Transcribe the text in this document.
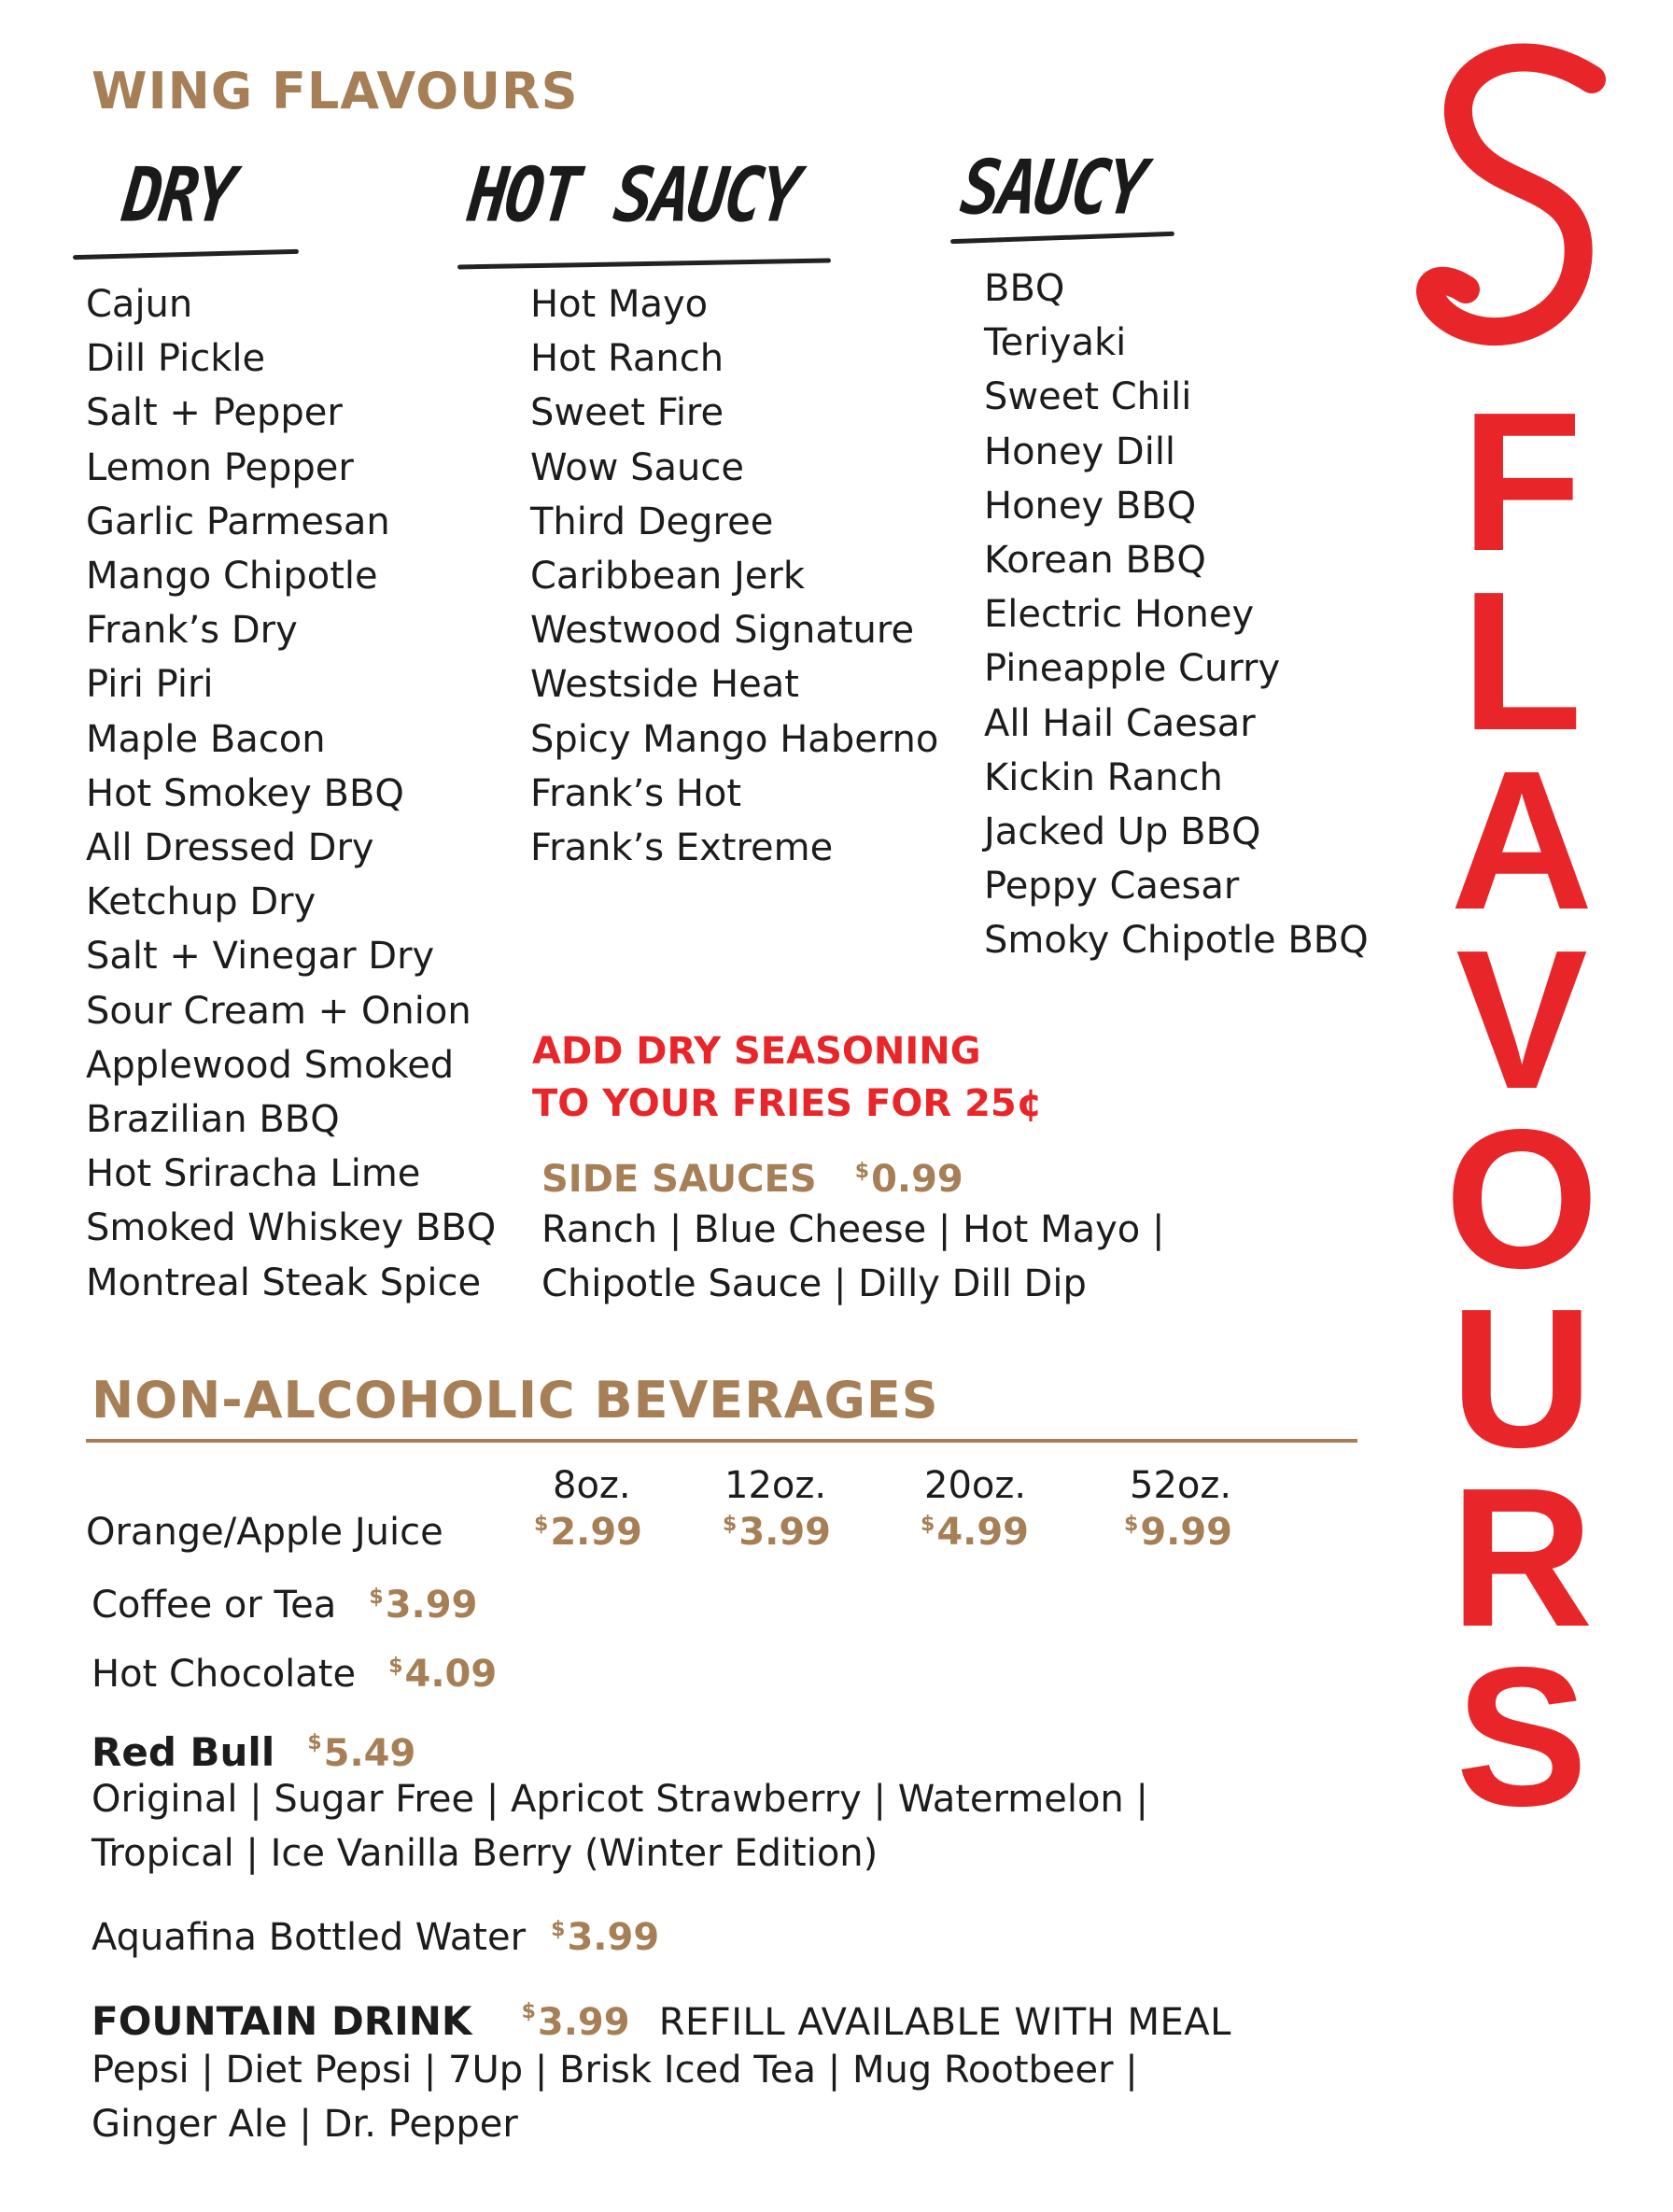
WING FLAVOURS
DRY	HOT SAUCY SAUCY
Cajun
Dill Pickle
Salt + Pepper
Lemon Pepper
Garlic Parmesan
Mango Chipotle
Frank’s Dry
Piri Piri
Maple Bacon
Hot Smokey BBQ
All Dressed Dry
Ketchup Dry
Salt + Vinegar Dry
Sour Cream + Onion
Applewood Smoked
Brazilian BBQ
Hot Sriracha Lime
Smoked Whiskey BBQ
Montreal Steak Spice
Hot Mayo
Hot Ranch
Sweet Fire
Wow Sauce
Third Degree
Caribbean Jerk
Westwood Signature
Westside Heat
Spicy Mango Haberno
Frank’s Hot
Frank’s Extreme
BBQ
Teriyaki
Sweet Chili
Honey Dill
Honey BBQ
Korean BBQ
Electric Honey
Pineapple Curry
All Hail Caesar
Kickin Ranch
Jacked Up BBQ
Peppy Caesar
Smoky Chipotle BBQ
ADD DRY SEASONING
TO YOUR FRIES FOR 25¢
SIDE SAUCES $0.99
Ranch | Blue Cheese | Hot Mayo |
Chipotle Sauce | Dilly Dill Dip
NON-ALCOHOLIC BEVERAGES
8oz.	12oz.	20oz.	52oz.
Orange/Apple Juice	$2.99	$3.99	$4.99	$9.99
Coffee or Tea $3.99
Hot Chocolate $4.09
Red Bull $5.49
Original | Sugar Free | Apricot Strawberry | Watermelon |
Tropical | Ice Vanilla Berry (Winter Edition)
Aquafina Bottled Water $3.99
FOUNTAIN DRINK $3.99 REFILL AVAILABLE WITH MEAL
Pepsi | Diet Pepsi | 7Up | Brisk Iced Tea | Mug Rootbeer |
Ginger Ale | Dr. Pepper
F
L
A
V
O
U
R
S
